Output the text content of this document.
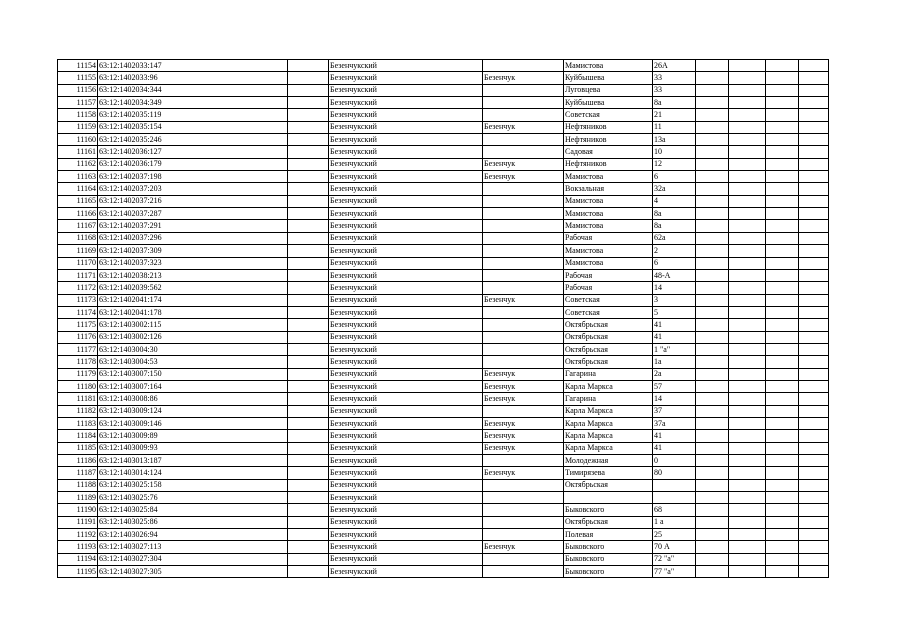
11154	63:12:1402033:147		Безенчукский		Мамистова	26А				
11155	63:12:1402033:96		Безенчукский	Безенчук	Куйбышева	33				
11156	63:12:1402034:344		Безенчукский		Луговцева	33				
11157	63:12:1402034:349		Безенчукский		Куйбышева	8а				
11158	63:12:1402035:119		Безенчукский		Советская	21				
11159	63:12:1402035:154		Безенчукский	Безенчук	Нефтяников	11				
11160	63:12:1402035:246		Безенчукский		Нефтяников	13а				
11161	63:12:1402036:127		Безенчукский		Садовая	10				
11162	63:12:1402036:179		Безенчукский	Безенчук	Нефтяников	12				
11163	63:12:1402037:198		Безенчукский	Безенчук	Мамистова	6				
11164	63:12:1402037:203		Безенчукский		Вокзальная	32а				
11165	63:12:1402037:216		Безенчукский		Мамистова	4				
11166	63:12:1402037:287		Безенчукский		Мамистова	8а				
11167	63:12:1402037:291		Безенчукский		Мамистова	8а				
11168	63:12:1402037:296		Безенчукский		Рабочая	62а				
11169	63:12:1402037:309		Безенчукский		Мамистова	2				
11170	63:12:1402037:323		Безенчукский		Мамистова	6				
11171	63:12:1402038:213		Безенчукский		Рабочая	48-А				
11172	63:12:1402039:562		Безенчукский		Рабочая	14				
11173	63:12:1402041:174		Безенчукский	Безенчук	Советская	3				
11174	63:12:1402041:178		Безенчукский		Советская	5				
11175	63:12:1403002:115		Безенчукский		Октябрьская	41				
11176	63:12:1403002:126		Безенчукский		Октябрьская	41				
11177	63:12:1403004:30		Безенчукский		Октябрьская	1 "а"				
11178	63:12:1403004:53		Безенчукский		Октябрьская	1а				
11179	63:12:1403007:150		Безенчукский	Безенчук	Гагарина	2а				
11180	63:12:1403007:164		Безенчукский	Безенчук	Карла Маркса	57				
11181	63:12:1403008:86		Безенчукский	Безенчук	Гагарина	14				
11182	63:12:1403009:124		Безенчукский		Карла Маркса	37				
11183	63:12:1403009:146		Безенчукский	Безенчук	Карла Маркса	37а				
11184	63:12:1403009:89		Безенчукский	Безенчук	Карла Маркса	41				
11185	63:12:1403009:93		Безенчукский	Безенчук	Карла Маркса	41				
11186	63:12:1403013:187		Безенчукский		Молодежная	0				
11187	63:12:1403014:124		Безенчукский	Безенчук	Тимирязева	80				
11188	63:12:1403025:158		Безенчукский		Октябрьская					
11189	63:12:1403025:76		Безенчукский							
11190	63:12:1403025:84		Безенчукский		Быковского	68				
11191	63:12:1403025:86		Безенчукский		Октябрьская	1 а				
11192	63:12:1403026:94		Безенчукский		Полевая	25				
11193	63:12:1403027:113		Безенчукский	Безенчук	Быковского	70 А				
11194	63:12:1403027:304		Безенчукский		Быковского	72 "а"				
11195	63:12:1403027:305		Безенчукский		Быковского	77 "а"				
